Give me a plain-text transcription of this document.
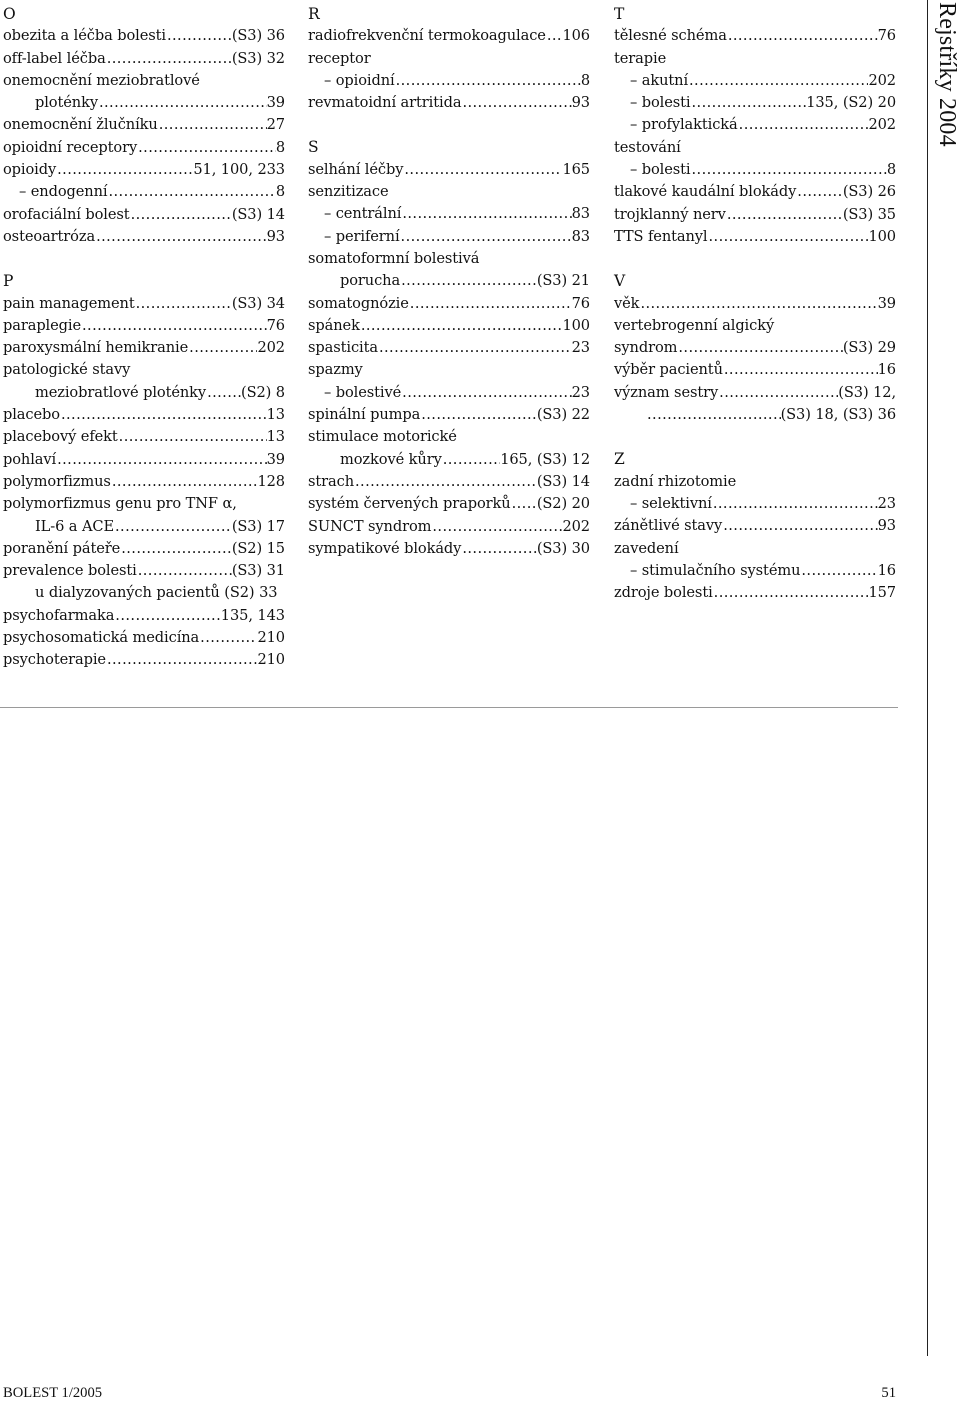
O
obezita a léčba bolesti .....	(S3) 36
off-label léčba .....	(S3) 32
onemocnění meziobratlové
ploténky .....	39
onemocnění žlučníku .....	27
opioidní receptory .....	8
opioidy .....	51, 100, 233
– endogenní .....	8
orofaciální bolest .....	(S3) 14
osteoartróza .....	93
P
pain management .....	(S3) 34
paraplegie .....	76
paroxysmální hemikranie .....	202
patologické stavy
meziobratlové ploténky ..... (S2) 8
placebo .....	13
placebový efekt .....	13
pohlaví .....	39
polymorfizmus .....	128
polymorfizmus genu pro TNF α,
IL-6 a ACE .....	(S3) 17
poranění páteře .....	(S2) 15
prevalence bolesti .....	(S3) 31
u dialyzovaných pacientů (S2) 33
psychofarmaka .....	135, 143
psychosomatická medicína .....	210
psychoterapie .....	210
R
radiofrekvenční termokoagulace ..... 106
receptor
– opioidní .....	8
revmatoidní artritida .....	93
S
selhání léčby .....	165
senzitizace
– centrální .....	83
– periferní .....	83
somatoformní bolestivá
porucha .....	(S3) 21
somatognózie .....	76
spánek .....	100
spasticita .....	23
spazmy
– bolestivé .....	23
spinální pumpa .....	(S3) 22
stimulace motorické
mozkové kůry .....	165, (S3) 12
strach .....	(S3) 14
systém červených praporků ..... (S2) 20
SUNCT syndrom .....	202
sympatikové blokády .....	(S3) 30
T
tělesné schéma .....	76
terapie
– akutní .....	202
– bolesti .....	135, (S2) 20
– profylaktická .....	202
testování
– bolesti .....	8
tlakové kaudální blokády .....	(S3) 26
trojklanný nerv .....	(S3) 35
TTS fentanyl .....	100
V
věk .....	39
vertebrogenní algický
syndrom .....	(S3) 29
výběr pacientů .....	16
význam sestry .....	(S3) 12,
.....
(S3) 18, (S3) 36
Z
zadní rhizotomie
– selektivní .....	23
zánětlivé stavy .....	93
zavedení
– stimulačního systému .....	16
zdroje bolesti .....	157
Rejstříky 2004
BOLEST 1/2005	51
